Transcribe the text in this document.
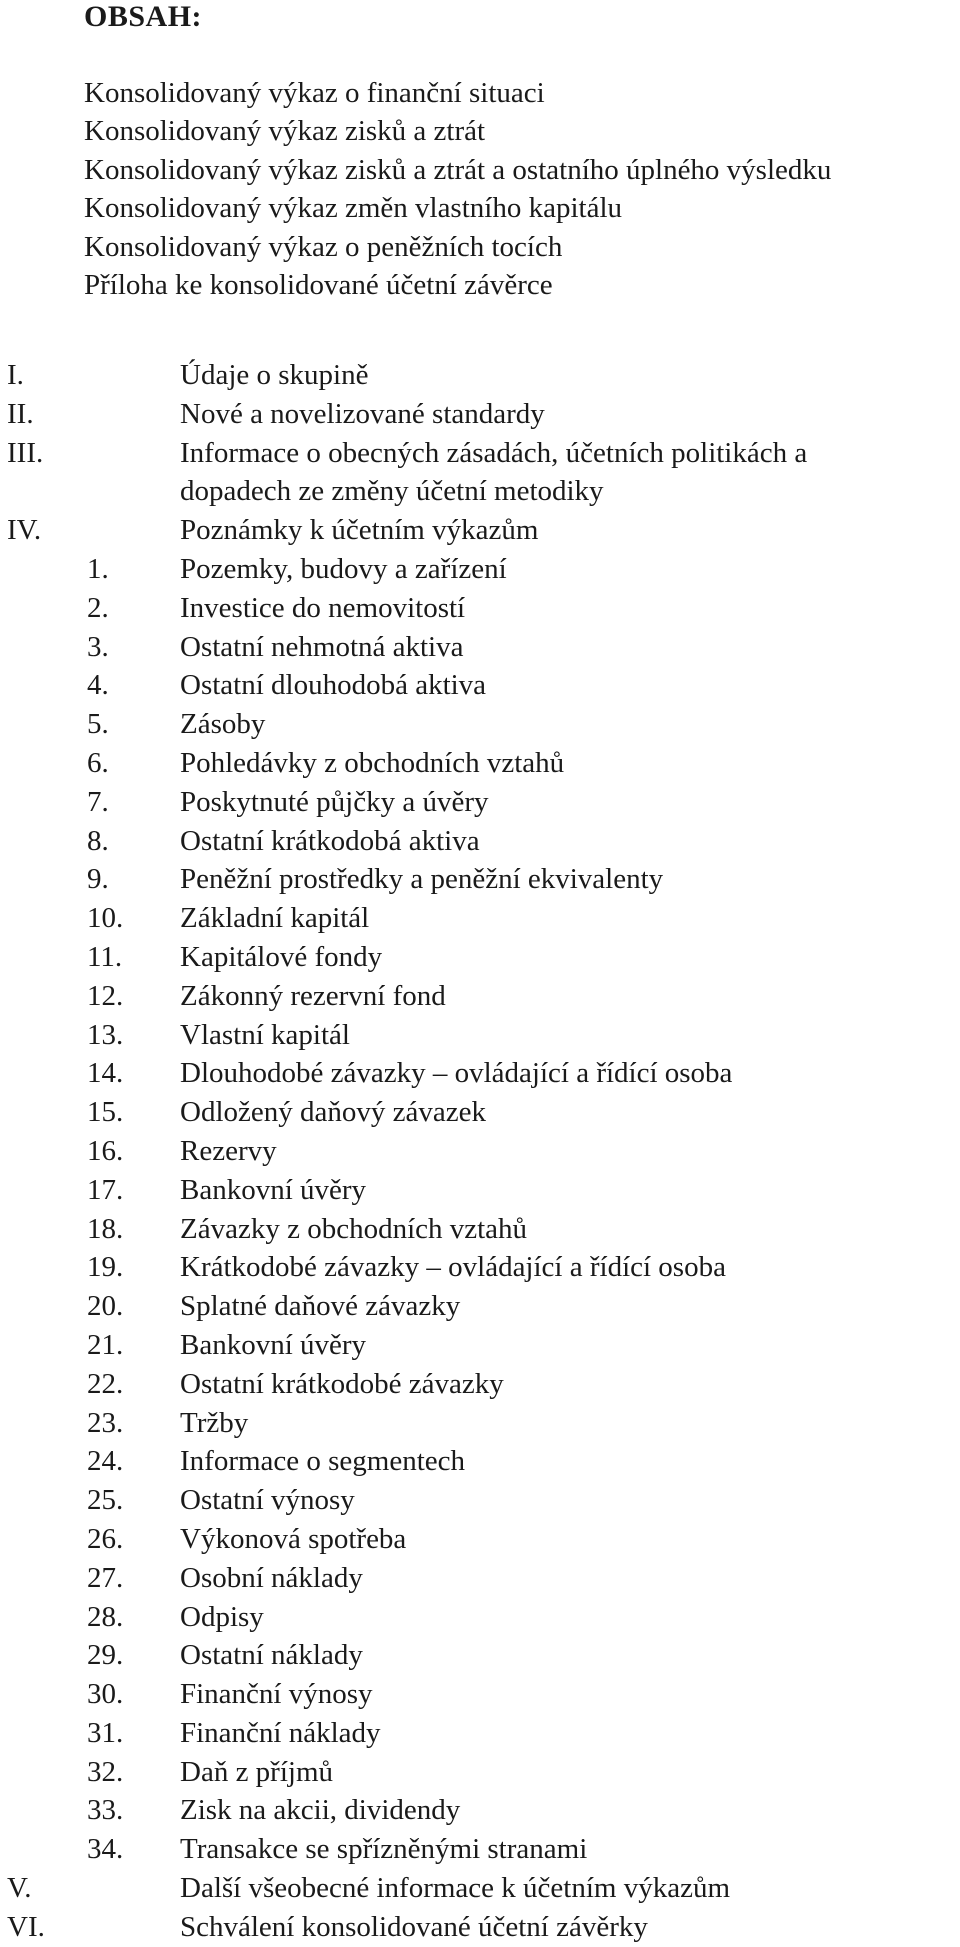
OBSAH:
Konsolidovaný výkaz o finanční situaci
Konsolidovaný výkaz zisků a ztrát
Konsolidovaný výkaz zisků a ztrát a ostatního úplného výsledku
Konsolidovaný výkaz změn vlastního kapitálu
Konsolidovaný výkaz o peněžních tocích
Příloha ke konsolidované účetní závěrce
I.	Údaje o skupině
II.	Nové a novelizované standardy
III.	Informace o obecných zásadách, účetních politikách a
dopadech ze změny účetní metodiky
IV.	Poznámky k účetním výkazům
1.	Pozemky, budovy a zařízení
2.	Investice do nemovitostí
3.	Ostatní nehmotná aktiva
4.	Ostatní dlouhodobá aktiva
5.	Zásoby
6.	Pohledávky z obchodních vztahů
7.	Poskytnuté půjčky a úvěry
8.	Ostatní krátkodobá aktiva
9.	Peněžní prostředky a peněžní ekvivalenty
10.	Základní kapitál
11.	Kapitálové fondy
12.	Zákonný rezervní fond
13.	Vlastní kapitál
14.	Dlouhodobé závazky – ovládající a řídící osoba
15.	Odložený daňový závazek
16.	Rezervy
17.	Bankovní úvěry
18.	Závazky z obchodních vztahů
19.	Krátkodobé závazky – ovládající a řídící osoba
20.	Splatné daňové závazky
21.	Bankovní úvěry
22.	Ostatní krátkodobé závazky
23.	Tržby
24.	Informace o segmentech
25.	Ostatní výnosy
26.	Výkonová spotřeba
27.	Osobní náklady
28.	Odpisy
29.	Ostatní náklady
30.	Finanční výnosy
31.	Finanční náklady
32.	Daň z příjmů
33.	Zisk na akcii, dividendy
34.	Transakce se spřízněnými stranami
V.	Další všeobecné informace k účetním výkazům
VI.	Schválení konsolidované účetní závěrky
